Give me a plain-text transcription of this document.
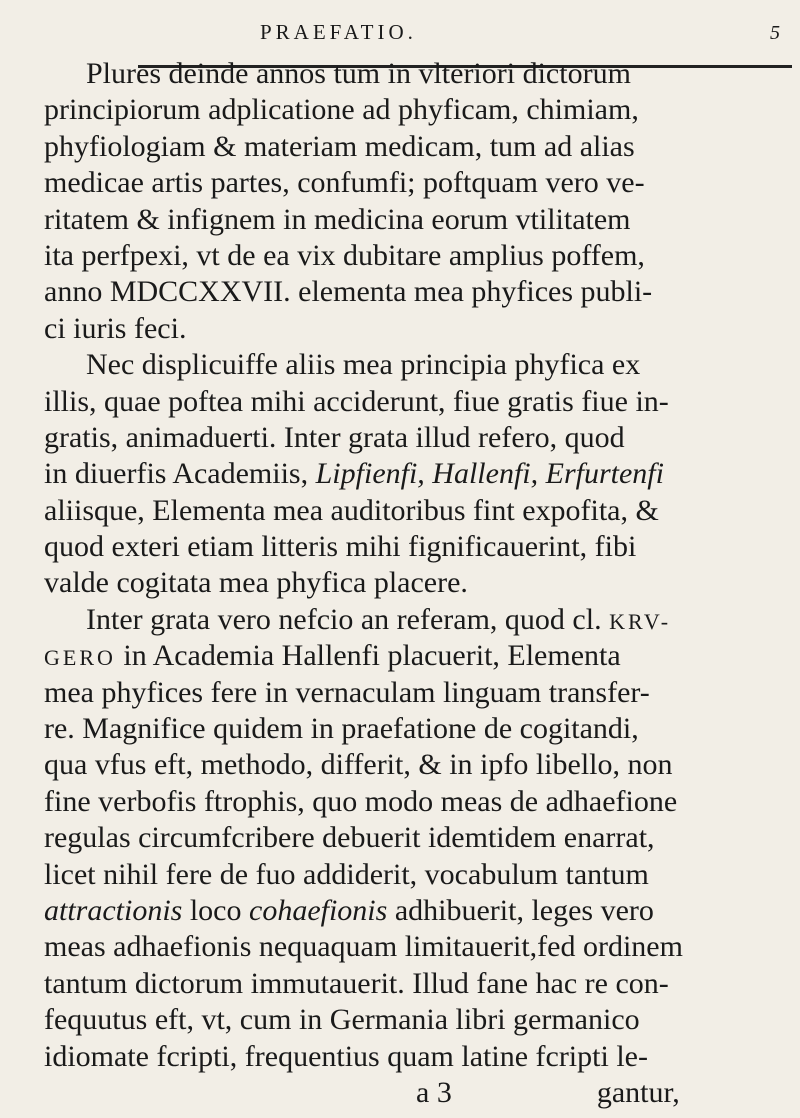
PRAEFATIO.	5
Plures deinde annos tum in vlteriori dictorum
principiorum adplicatione ad phyficam, chimiam,
phyfiologiam & materiam medicam, tum ad alias
medicae artis partes, confumfi; poftquam vero ve-
ritatem & infignem in medicina eorum vtilitatem
ita perfpexi, vt de ea vix dubitare amplius poffem,
anno MDCCXXVII. elementa mea phyfices publi-
ci iuris feci.
Nec displicuiffe aliis mea principia phyfica ex
illis, quae poftea mihi acciderunt, fiue gratis fiue in-
gratis, animaduerti. Inter grata illud refero, quod
in diuerfis Academiis, Lipfienfi, Hallenfi, Erfurtenfi
aliisque, Elementa mea auditoribus fint expofita, &
quod exteri etiam litteris mihi fignificauerint, fibi
valde cogitata mea phyfica placere.
Inter grata vero nefcio an referam, quod cl. KRV-
GERO in Academia Hallenfi placuerit, Elementa
mea phyfices fere in vernaculam linguam transfer-
re. Magnifice quidem in praefatione de cogitandi,
qua vfus eft, methodo, differit, & in ipfo libello, non
fine verbofis ftrophis, quo modo meas de adhaefione
regulas circumfcribere debuerit idemtidem enarrat,
licet nihil fere de fuo addiderit, vocabulum tantum
attractionis loco cohaefionis adhibuerit, leges vero
meas adhaefionis nequaquam limitauerit,fed ordinem
tantum dictorum immutauerit. Illud fane hac re con-
fequutus eft, vt, cum in Germania libri germanico
idiomate fcripti, frequentius quam latine fcripti le-
a 3	gantur,
